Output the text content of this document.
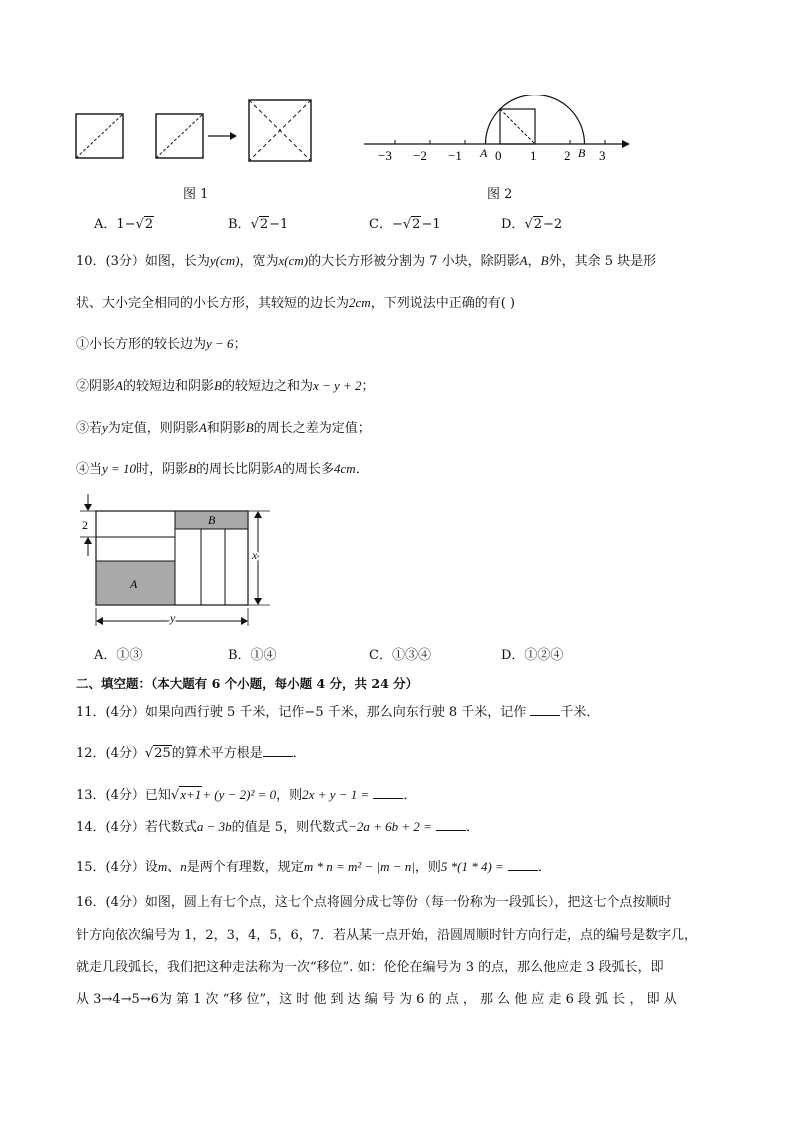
图 1
−3 −2 −1	0 1 2 3
A	B
图 2
A．1−√2	B．√2−1	C．−√2−1	D．√2−2
10．(3分）如图，长为y(cm)，宽为x(cm)的大长方形被分割为 7 小块，除阴影A，B外，其余 5 块是形
状、大小完全相同的小长方形，其较短的边长为2cm，下列说法中正确的有( )
①小长方形的较长边为y − 6；
②阴影A的较短边和阴影B的较短边之和为x − y + 2；
③若y为定值，则阴影A和阴影B的周长之差为定值；
④当y = 10时，阴影B的周长比阴影A的周长多4cm．
2
A
B
x
y
A．①③	B．①④	C．①③④	D．①②④
二、填空题：（本大题有 6 个小题，每小题 4 分，共 24 分）
11．(4分）如果向西行驶 5 千米，记作−5 千米，那么向东行驶 8 千米，记作	千米．
12．(4分）√25的算术平方根是 ．
13．(4分）已知√x+1+ (y − 2)² = 0，则2x + y − 1 =	．
14．(4分）若代数式a − 3b的值是 5，则代数式−2a + 6b + 2 =	．
15．(4分）设m、n是两个有理数，规定m * n = m² − |m − n|，则5 *(1 * 4) =	．
16．(4分）如图，圆上有七个点，这七个点将圆分成七等份（每一份称为一段弧长），把这七个点按顺时
针方向依次编号为 1，2，3，4，5，6，7．若从某一点开始，沿圆周顺时针方向行走，点的编号是数字几，
就走几段弧长，我们把这种走法称为一次“移位”. 如：伦伦在编号为 3 的点，那么他应走 3 段弧长，即
从 3→4→5→6为 第 1 次 “移 位”，这 时 他 到 达 编 号 为 6 的 点 ， 那 么 他 应 走 6 段 弧 长 ， 即 从
